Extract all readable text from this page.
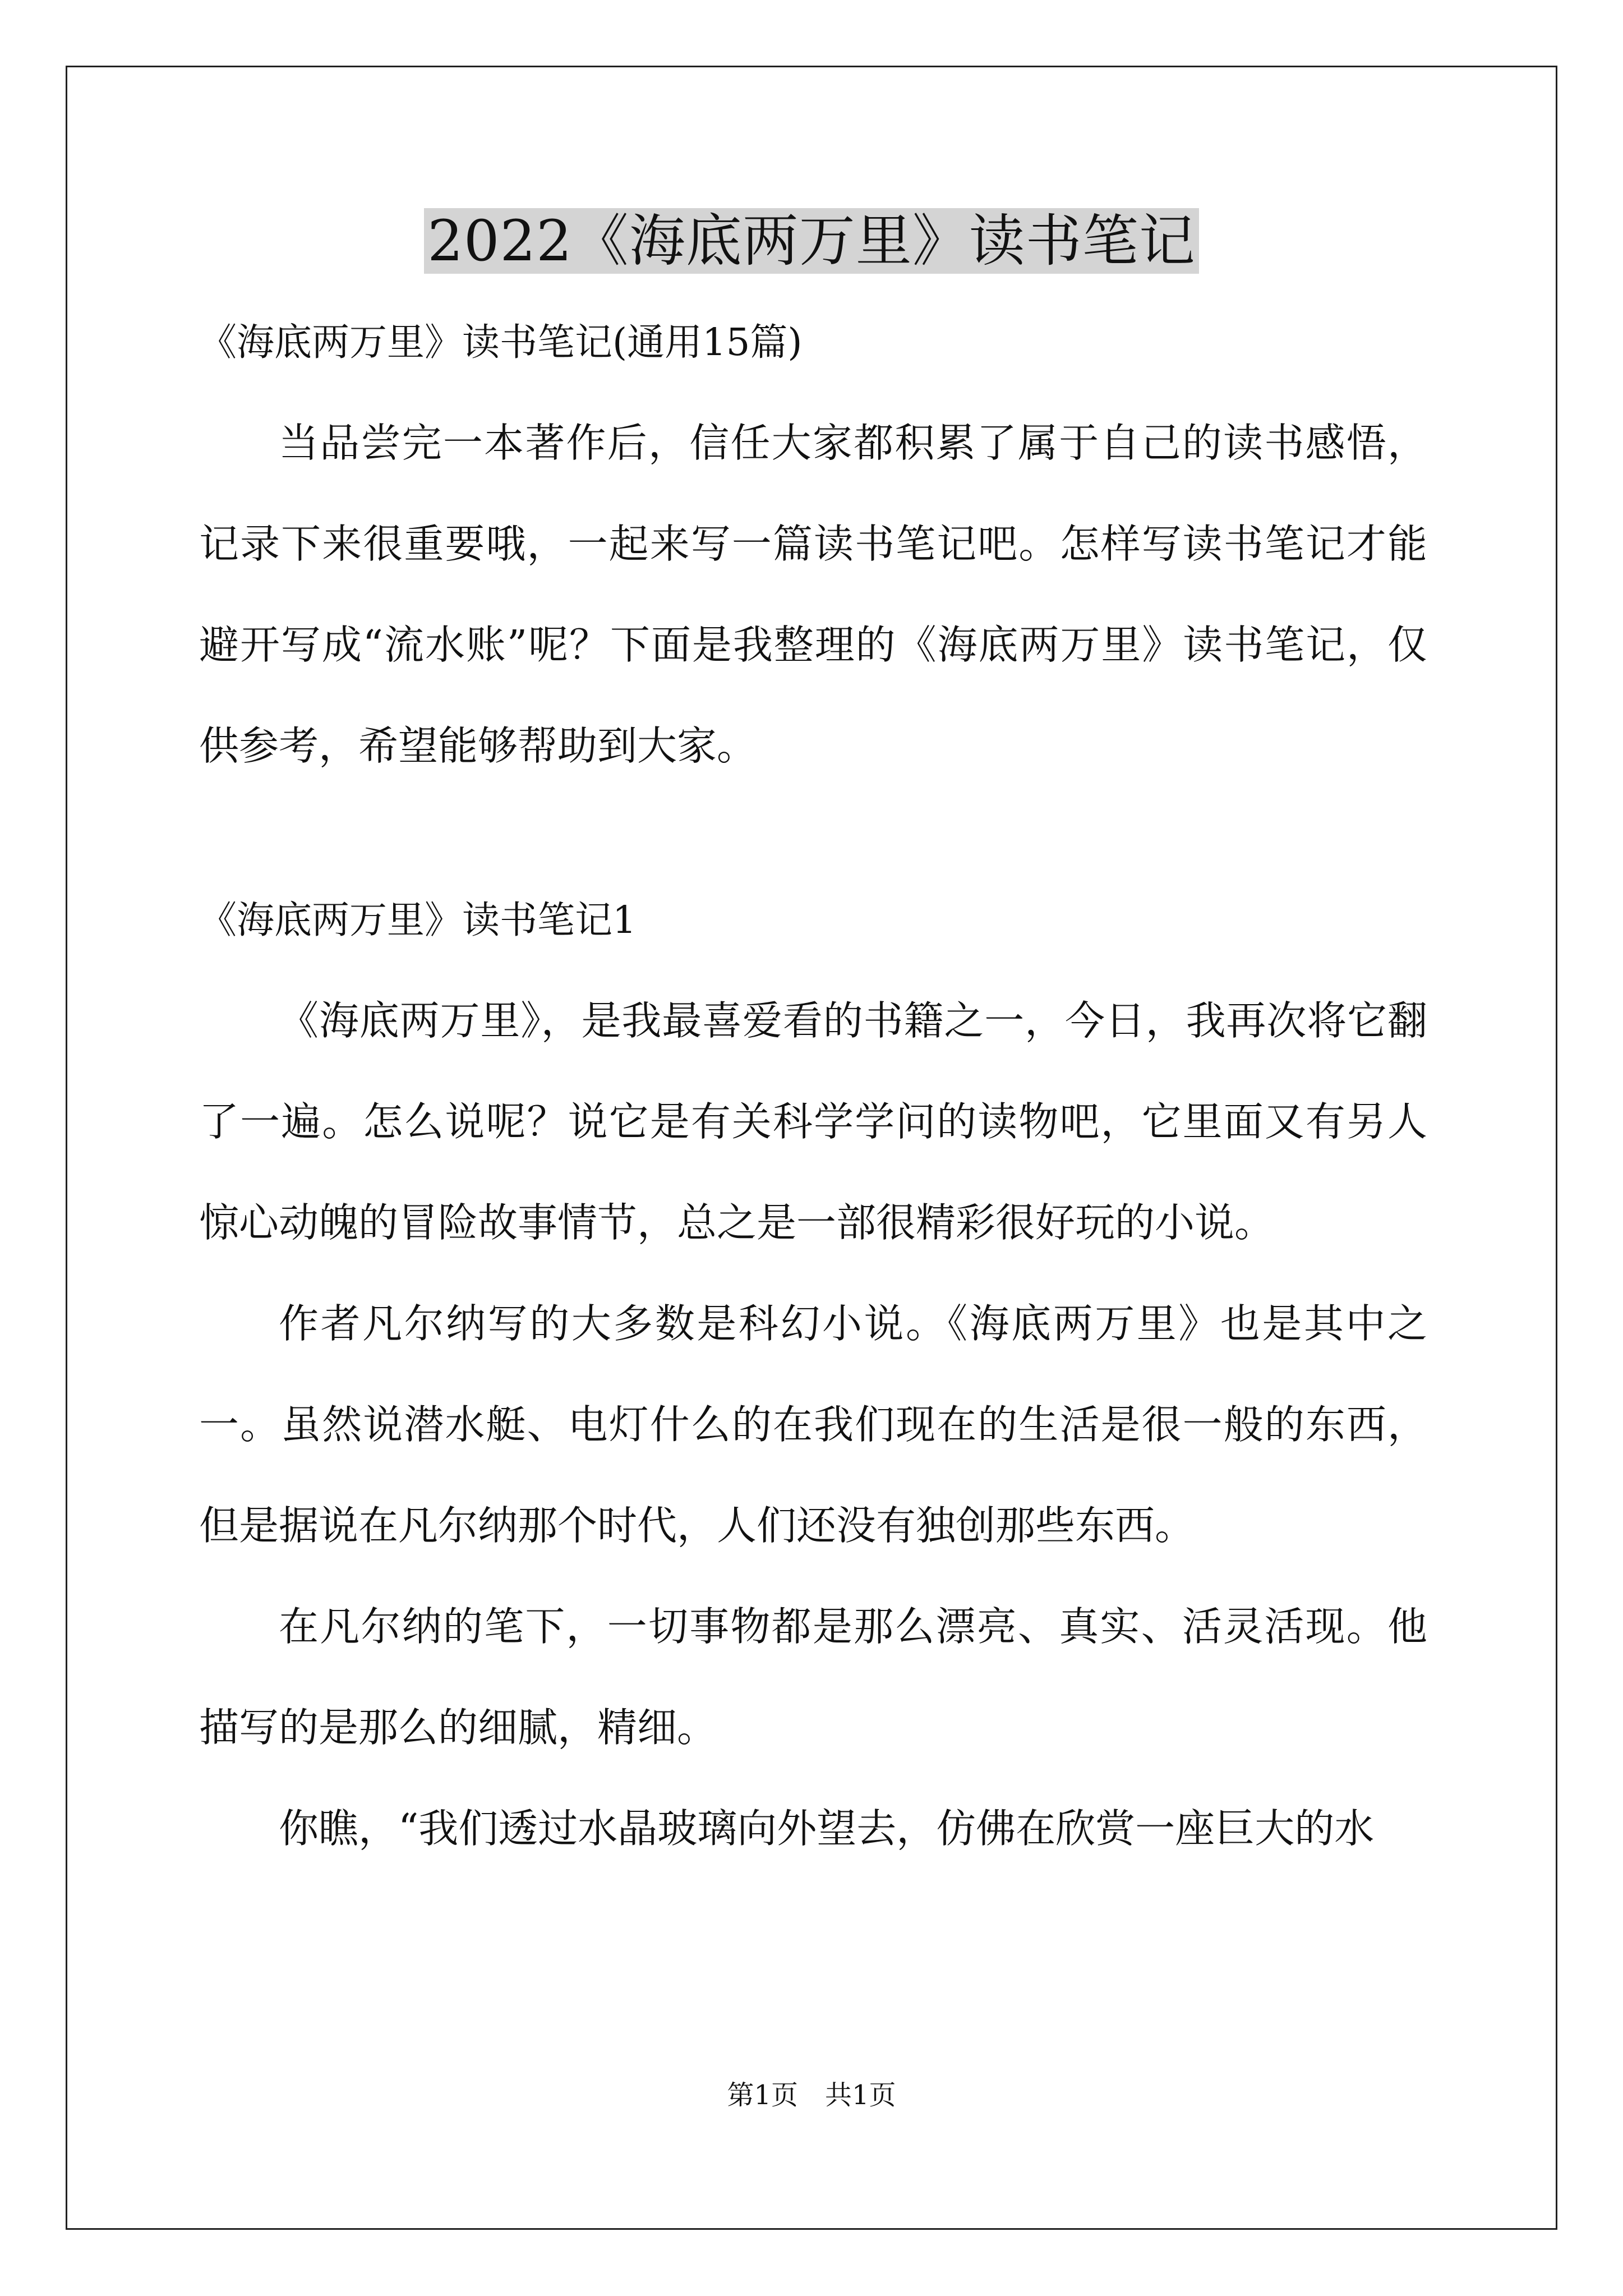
2022《海底两万里》读书笔记

《海底两万里》读书笔记(通用15篇)

当品尝完一本著作后，信任大家都积累了属于自己的读书感悟，记录下来很重要哦，一起来写一篇读书笔记吧。怎样写读书笔记才能避开写成“流水账”呢？下面是我整理的《海底两万里》读书笔记，仅供参考，希望能够帮助到大家。

《海底两万里》读书笔记1

《海底两万里》，是我最喜爱看的书籍之一，今日，我再次将它翻了一遍。怎么说呢？说它是有关科学学问的读物吧，它里面又有另人惊心动魄的冒险故事情节，总之是一部很精彩很好玩的小说。

作者凡尔纳写的大多数是科幻小说。《海底两万里》也是其中之一。虽然说潜水艇、电灯什么的在我们现在的生活是很一般的东西，但是据说在凡尔纳那个时代，人们还没有独创那些东西。

在凡尔纳的笔下，一切事物都是那么漂亮、真实、活灵活现。他描写的是那么的细腻，精细。

你瞧，“我们透过水晶玻璃向外望去，仿佛在欣赏一座巨大的水

第1页　共1页
